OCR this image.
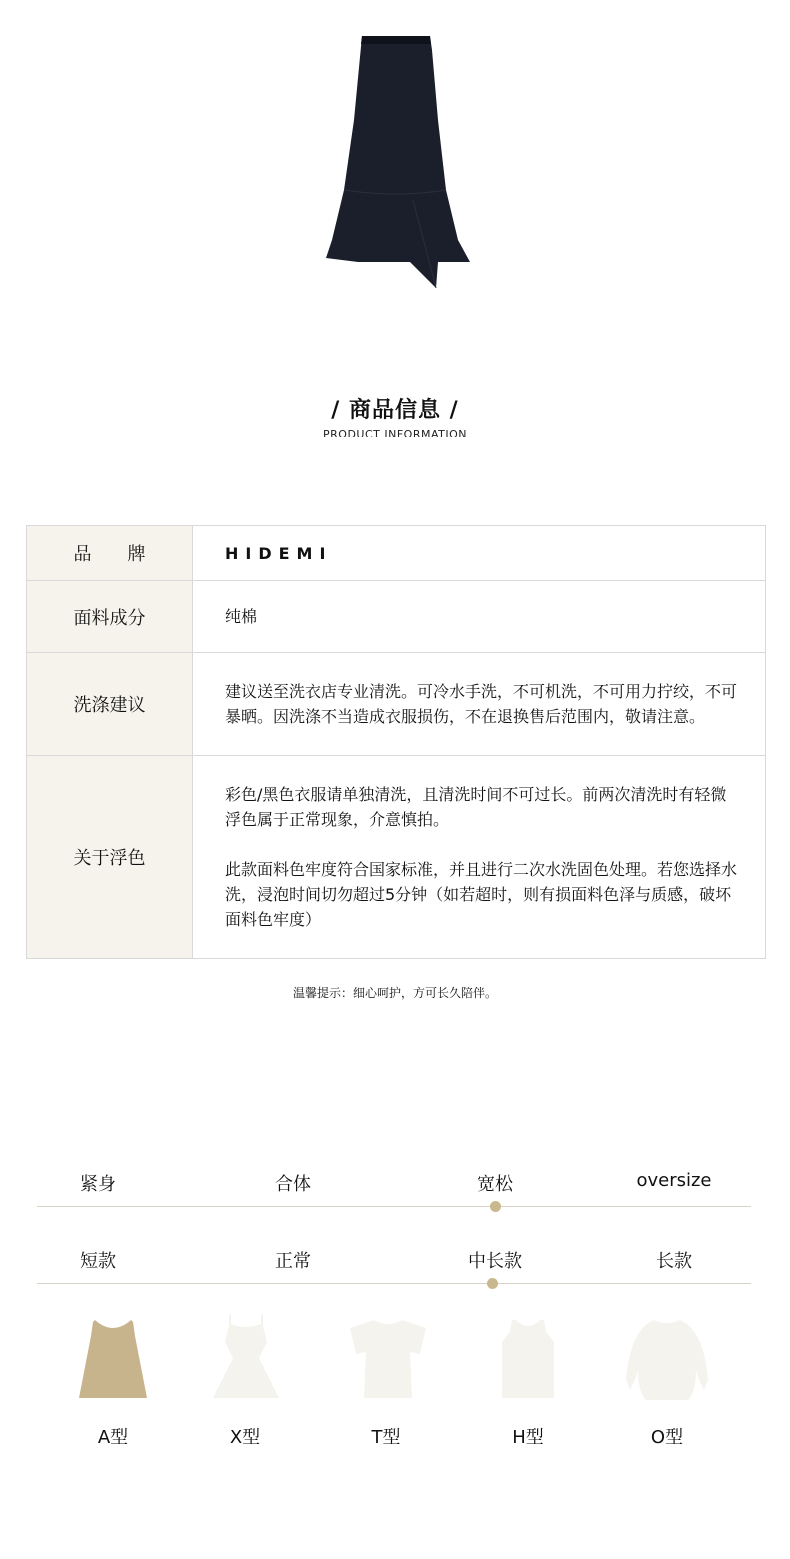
/ 商品信息 /
PRODUCT INFORMATION
品牌	HIDEMI
面料成分	纯棉
洗涤建议	建议送至洗衣店专业清洗。可冷水手洗，不可机洗，不可用力拧绞，不可暴晒。因洗涤不当造成衣服损伤，不在退换售后范围内，敬请注意。
关于浮色	彩色/黑色衣服请单独清洗，且清洗时间不可过长。前两次清洗时有轻微浮色属于正常现象，介意慎拍。
此款面料色牢度符合国家标准，并且进行二次水洗固色处理。若您选择水洗，浸泡时间切勿超过5分钟（如若超时，则有损面料色泽与质感，破坏面料色牢度）
温馨提示：细心呵护，方可长久陪伴。
紧身	合体	宽松	oversize
短款	正常	中长款	长款
A型	X型	T型	H型	O型
